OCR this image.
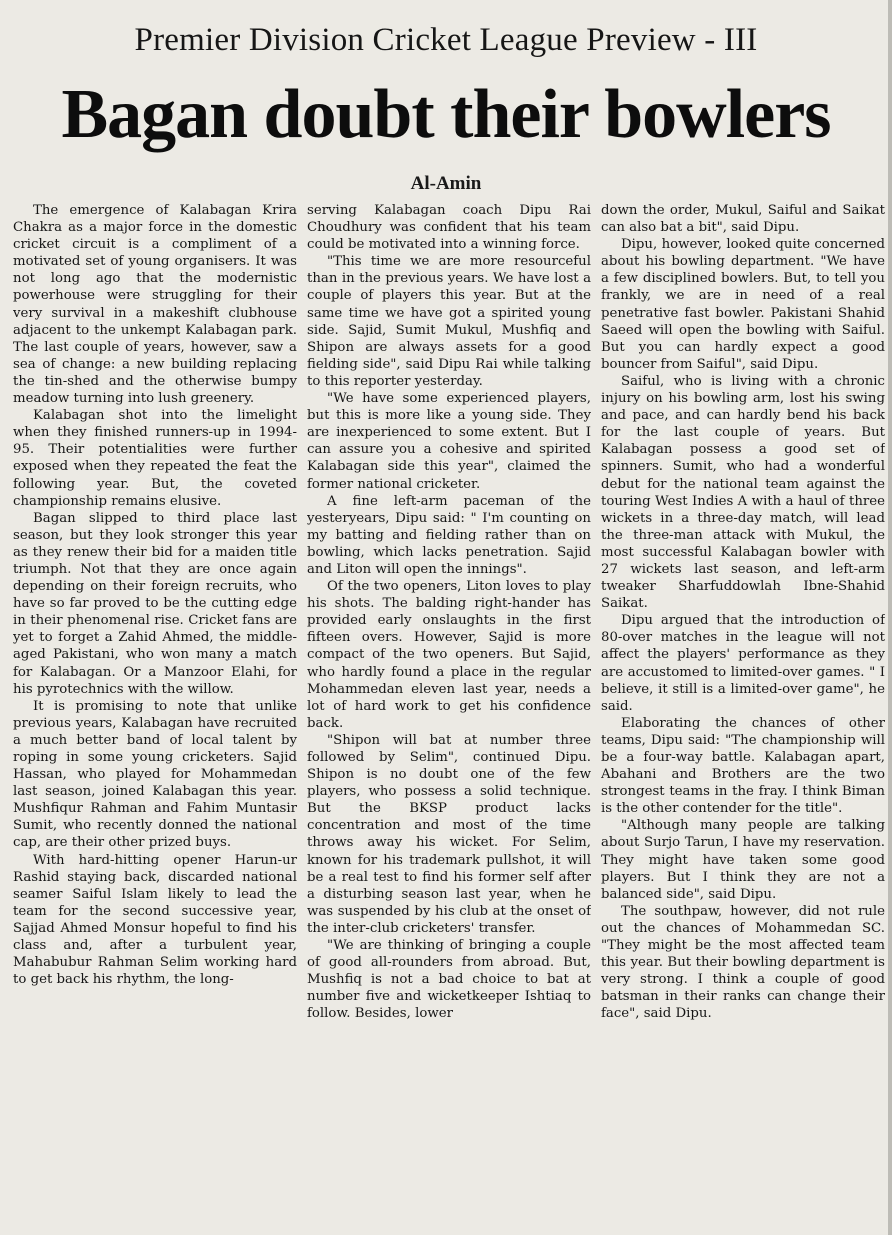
Premier Division Cricket League Preview - III
Bagan doubt their bowlers
Al-Amin

The emergence of Kalabagan Krira Chakra as a major force in the domestic cricket circuit is a compliment of a motivated set of young organisers. It was not long ago that the modernistic powerhouse were struggling for their very survival in a makeshift clubhouse adjacent to the unkempt Kalabagan park. The last couple of years, however, saw a sea of change: a new building replacing the tin-shed and the otherwise bumpy meadow turning into lush greenery.

Kalabagan shot into the limelight when they finished runners-up in 1994-95. Their potentialities were further exposed when they repeated the feat the following year. But, the coveted championship remains elusive.

Bagan slipped to third place last season, but they look stronger this year as they renew their bid for a maiden title triumph. Not that they are once again depending on their foreign recruits, who have so far proved to be the cutting edge in their phenomenal rise. Cricket fans are yet to forget a Zahid Ahmed, the middle-aged Pakistani, who won many a match for Kalabagan. Or a Manzoor Elahi, for his pyrotechnics with the willow.

It is promising to note that unlike previous years, Kalabagan have recruited a much better band of local talent by roping in some young cricketers. Sajid Hassan, who played for Mohammedan last season, joined Kalabagan this year. Mushfiqur Rahman and Fahim Muntasir Sumit, who recently donned the national cap, are their other prized buys.

With hard-hitting opener Harun-ur Rashid staying back, discarded national seamer Saiful Islam likely to lead the team for the second successive year, Sajjad Ahmed Monsur hopeful to find his class and, after a turbulent year, Mahabubur Rahman Selim working hard to get back his rhythm, the long-

serving Kalabagan coach Dipu Rai Choudhury was confident that his team could be motivated into a winning force.

"This time we are more resourceful than in the previous years. We have lost a couple of players this year. But at the same time we have got a spirited young side. Sajid, Sumit Mukul, Mushfiq and Shipon are always assets for a good fielding side", said Dipu Rai while talking to this reporter yesterday.

"We have some experienced players, but this is more like a young side. They are inexperienced to some extent. But I can assure you a cohesive and spirited Kalabagan side this year", claimed the former national cricketer.

A fine left-arm paceman of the yesteryears, Dipu said: " I'm counting on my batting and fielding rather than on bowling, which lacks penetration. Sajid and Liton will open the innings".

Of the two openers, Liton loves to play his shots. The balding right-hander has provided early onslaughts in the first fifteen overs. However, Sajid is more compact of the two openers. But Sajid, who hardly found a place in the regular Mohammedan eleven last year, needs a lot of hard work to get his confidence back.

"Shipon will bat at number three followed by Selim", continued Dipu. Shipon is no doubt one of the few players, who possess a solid technique. But the BKSP product lacks concentration and most of the time throws away his wicket. For Selim, known for his trademark pullshot, it will be a real test to find his former self after a disturbing season last year, when he was suspended by his club at the onset of the inter-club cricketers' transfer.

"We are thinking of bringing a couple of good all-rounders from abroad. But, Mushfiq is not a bad choice to bat at number five and wicketkeeper Ishtiaq to follow. Besides, lower

down the order, Mukul, Saiful and Saikat can also bat a bit", said Dipu.

Dipu, however, looked quite concerned about his bowling department. "We have a few disciplined bowlers. But, to tell you frankly, we are in need of a real penetrative fast bowler. Pakistani Shahid Saeed will open the bowling with Saiful. But you can hardly expect a good bouncer from Saiful", said Dipu.

Saiful, who is living with a chronic injury on his bowling arm, lost his swing and pace, and can hardly bend his back for the last couple of years. But Kalabagan possess a good set of spinners. Sumit, who had a wonderful debut for the national team against the touring West Indies A with a haul of three wickets in a three-day match, will lead the three-man attack with Mukul, the most successful Kalabagan bowler with 27 wickets last season, and left-arm tweaker Sharfuddowlah Ibne-Shahid Saikat.

Dipu argued that the introduction of 80-over matches in the league will not affect the players' performance as they are accustomed to limited-over games. " I believe, it still is a limited-over game", he said.

Elaborating the chances of other teams, Dipu said: "The championship will be a four-way battle. Kalabagan apart, Abahani and Brothers are the two strongest teams in the fray. I think Biman is the other contender for the title".

"Although many people are talking about Surjo Tarun, I have my reservation. They might have taken some good players. But I think they are not a balanced side", said Dipu.

The southpaw, however, did not rule out the chances of Mohammedan SC. "They might be the most affected team this year. But their bowling department is very strong. I think a couple of good batsman in their ranks can change their face", said Dipu.
